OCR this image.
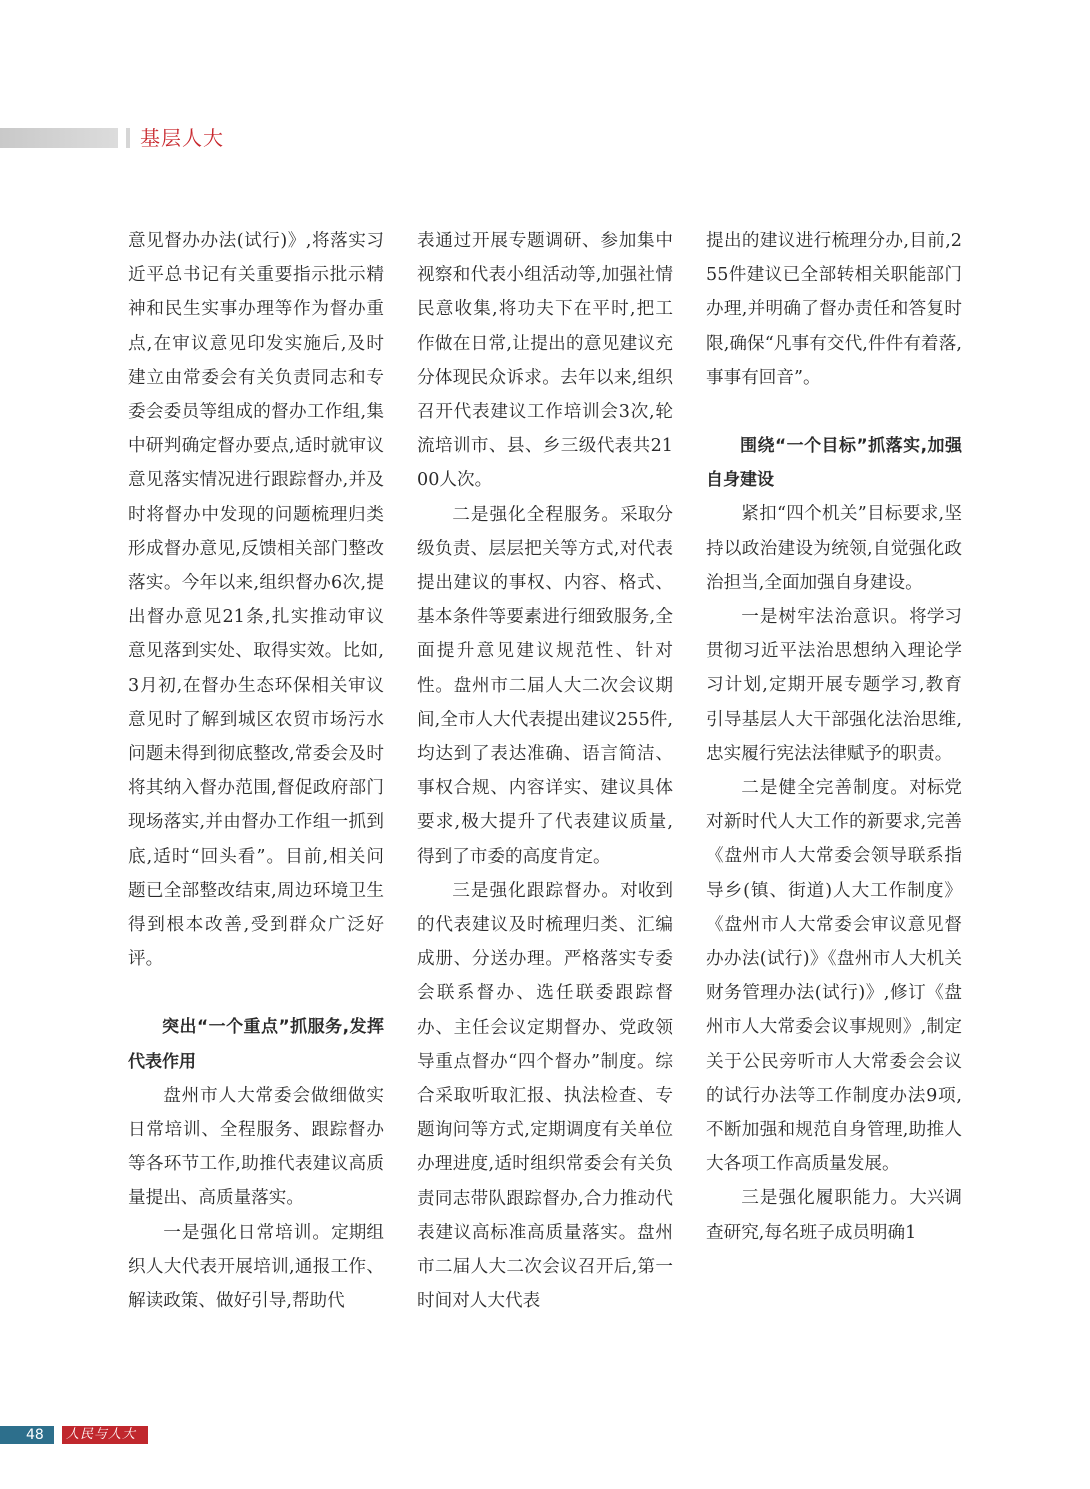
基层人大

意见督办办法(试行)》,将落实习近平总书记有关重要指示批示精神和民生实事办理等作为督办重点,在审议意见印发实施后,及时建立由常委会有关负责同志和专委会委员等组成的督办工作组,集中研判确定督办要点,适时就审议意见落实情况进行跟踪督办,并及时将督办中发现的问题梳理归类形成督办意见,反馈相关部门整改落实。今年以来,组织督办6次,提出督办意见21条,扎实推动审议意见落到实处、取得实效。比如,3月初,在督办生态环保相关审议意见时了解到城区农贸市场污水问题未得到彻底整改,常委会及时将其纳入督办范围,督促政府部门现场落实,并由督办工作组一抓到底,适时“回头看”。目前,相关问题已全部整改结束,周边环境卫生得到根本改善,受到群众广泛好评。

突出“一个重点”抓服务,发挥代表作用

盘州市人大常委会做细做实日常培训、全程服务、跟踪督办等各环节工作,助推代表建议高质量提出、高质量落实。

一是强化日常培训。定期组织人大代表开展培训,通报工作、解读政策、做好引导,帮助代

表通过开展专题调研、参加集中视察和代表小组活动等,加强社情民意收集,将功夫下在平时,把工作做在日常,让提出的意见建议充分体现民众诉求。去年以来,组织召开代表建议工作培训会3次,轮流培训市、县、乡三级代表共2100人次。

二是强化全程服务。采取分级负责、层层把关等方式,对代表提出建议的事权、内容、格式、基本条件等要素进行细致服务,全面提升意见建议规范性、针对性。盘州市二届人大二次会议期间,全市人大代表提出建议255件,均达到了表达准确、语言简洁、事权合规、内容详实、建议具体要求,极大提升了代表建议质量,得到了市委的高度肯定。

三是强化跟踪督办。对收到的代表建议及时梳理归类、汇编成册、分送办理。严格落实专委会联系督办、选任联委跟踪督办、主任会议定期督办、党政领导重点督办“四个督办”制度。综合采取听取汇报、执法检查、专题询问等方式,定期调度有关单位办理进度,适时组织常委会有关负责同志带队跟踪督办,合力推动代表建议高标准高质量落实。盘州市二届人大二次会议召开后,第一时间对人大代表

提出的建议进行梳理分办,目前,255件建议已全部转相关职能部门办理,并明确了督办责任和答复时限,确保“凡事有交代,件件有着落,事事有回音”。

围绕“一个目标”抓落实,加强自身建设

紧扣“四个机关”目标要求,坚持以政治建设为统领,自觉强化政治担当,全面加强自身建设。

一是树牢法治意识。将学习贯彻习近平法治思想纳入理论学习计划,定期开展专题学习,教育引导基层人大干部强化法治思维,忠实履行宪法法律赋予的职责。

二是健全完善制度。对标党对新时代人大工作的新要求,完善《盘州市人大常委会领导联系指导乡(镇、街道)人大工作制度》《盘州市人大常委会审议意见督办办法(试行)》《盘州市人大机关财务管理办法(试行)》,修订《盘州市人大常委会议事规则》,制定关于公民旁听市人大常委会会议的试行办法等工作制度办法9项,不断加强和规范自身管理,助推人大各项工作高质量发展。

三是强化履职能力。大兴调查研究,每名班子成员明确1

48 人民与人大
